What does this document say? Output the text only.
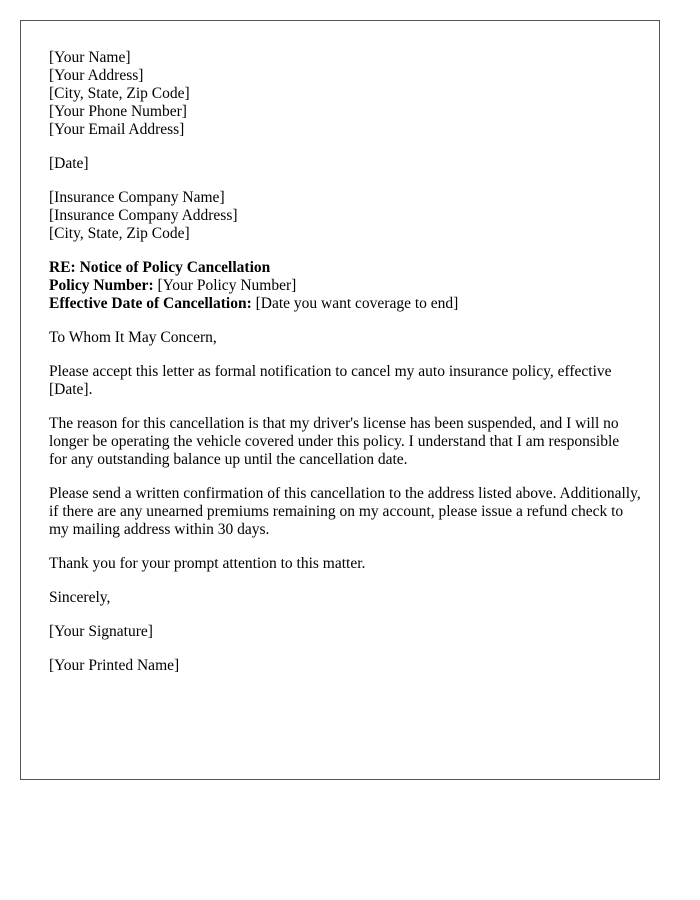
[Your Name]
[Your Address]
[City, State, Zip Code]
[Your Phone Number]
[Your Email Address]
[Date]
[Insurance Company Name]
[Insurance Company Address]
[City, State, Zip Code]
RE: Notice of Policy Cancellation
Policy Number: [Your Policy Number]
Effective Date of Cancellation: [Date you want coverage to end]
To Whom It May Concern,
Please accept this letter as formal notification to cancel my auto insurance policy, effective [Date].
The reason for this cancellation is that my driver's license has been suspended, and I will no longer be operating the vehicle covered under this policy. I understand that I am responsible for any outstanding balance up until the cancellation date.
Please send a written confirmation of this cancellation to the address listed above. Additionally, if there are any unearned premiums remaining on my account, please issue a refund check to my mailing address within 30 days.
Thank you for your prompt attention to this matter.
Sincerely,
[Your Signature]
[Your Printed Name]
